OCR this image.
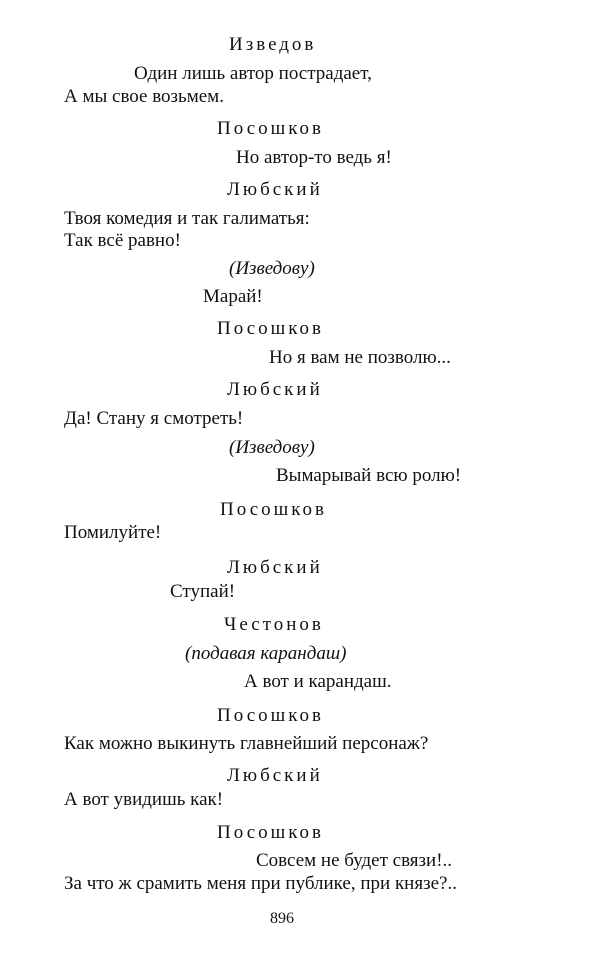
Изведов
Один лишь автор пострадает,
А мы свое возьмем.
Посошков
Но автор-то ведь я!
Любский
Твоя комедия и так галиматья:
Так всё равно!
(Изведову)
Марай!
Посошков
Но я вам не позволю...
Любский
Да! Стану я смотреть!
(Изведову)
Вымарывай всю ролю!
Посошков
Помилуйте!
Любский
Ступай!
Честонов
(подавая карандаш)
А вот и карандаш.
Посошков
Как можно выкинуть главнейший персонаж?
Любский
А вот увидишь как!
Посошков
Совсем не будет связи!..
За что ж срамить меня при публике, при князе?..
896
